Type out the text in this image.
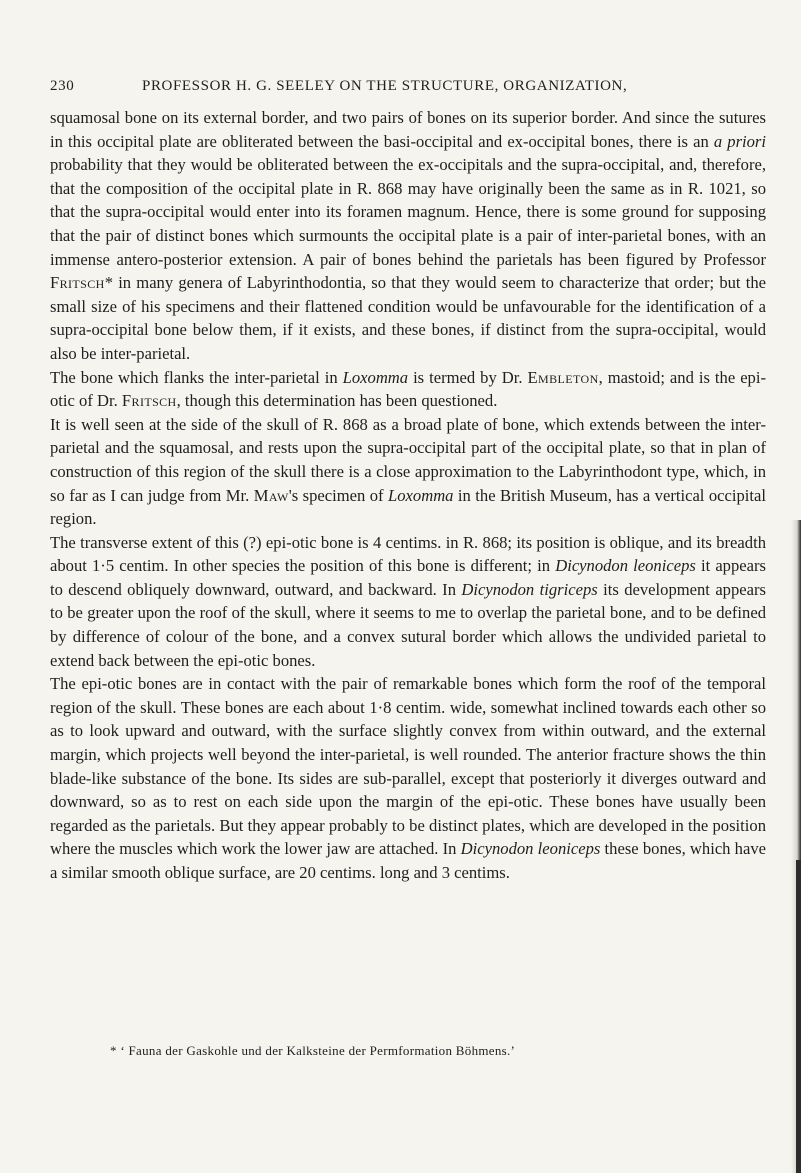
230	PROFESSOR H. G. SEELEY ON THE STRUCTURE, ORGANIZATION,

squamosal bone on its external border, and two pairs of bones on its superior border. And since the sutures in this occipital plate are obliterated between the basi-occipital and ex-occipital bones, there is an a priori probability that they would be obliterated between the ex-occipitals and the supra-occipital, and, therefore, that the composition of the occipital plate in R. 868 may have originally been the same as in R. 1021, so that the supra-occipital would enter into its foramen magnum. Hence, there is some ground for supposing that the pair of distinct bones which surmounts the occipital plate is a pair of inter-parietal bones, with an immense antero-posterior extension. A pair of bones behind the parietals has been figured by Professor Fritsch* in many genera of Labyrinthodontia, so that they would seem to characterize that order; but the small size of his specimens and their flattened condition would be unfavourable for the identification of a supra-occipital bone below them, if it exists, and these bones, if distinct from the supra-occipital, would also be inter-parietal.

The bone which flanks the inter-parietal in Loxomma is termed by Dr. Embleton, mastoid; and is the epi-otic of Dr. Fritsch, though this determination has been questioned.

It is well seen at the side of the skull of R. 868 as a broad plate of bone, which extends between the inter-parietal and the squamosal, and rests upon the supra-occipital part of the occipital plate, so that in plan of construction of this region of the skull there is a close approximation to the Labyrinthodont type, which, in so far as I can judge from Mr. Maw's specimen of Loxomma in the British Museum, has a vertical occipital region.

The transverse extent of this (?) epi-otic bone is 4 centims. in R. 868; its position is oblique, and its breadth about 1·5 centim. In other species the position of this bone is different; in Dicynodon leoniceps it appears to descend obliquely downward, outward, and backward. In Dicynodon tigriceps its development appears to be greater upon the roof of the skull, where it seems to me to overlap the parietal bone, and to be defined by difference of colour of the bone, and a convex sutural border which allows the undivided parietal to extend back between the epi-otic bones.

The epi-otic bones are in contact with the pair of remarkable bones which form the roof of the temporal region of the skull. These bones are each about 1·8 centim. wide, somewhat inclined towards each other so as to look upward and outward, with the surface slightly convex from within outward, and the external margin, which projects well beyond the inter-parietal, is well rounded. The anterior fracture shows the thin blade-like substance of the bone. Its sides are sub-parallel, except that posteriorly it diverges outward and downward, so as to rest on each side upon the margin of the epi-otic. These bones have usually been regarded as the parietals. But they appear probably to be distinct plates, which are developed in the position where the muscles which work the lower jaw are attached. In Dicynodon leoniceps these bones, which have a similar smooth oblique surface, are 20 centims. long and 3 centims.

* ‘ Fauna der Gaskohle und der Kalksteine der Permformation Böhmens.’
